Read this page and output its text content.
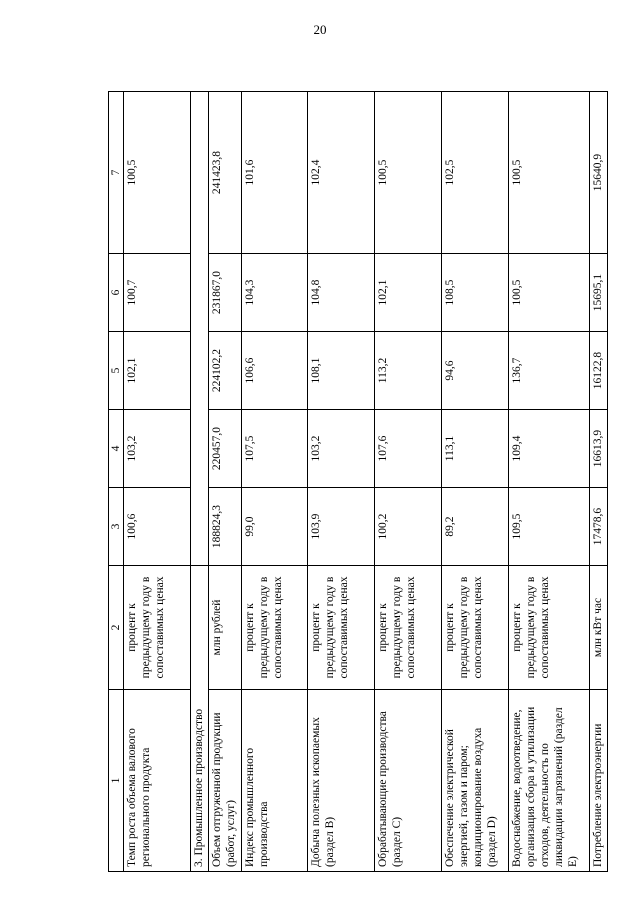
20
1	2	3	4	5	6	7
Темп роста объема валового регионального продукта	процент к предыдущему году в сопоставимых ценах	100,6	103,2	102,1	100,7	100,5
3. Промышленное производство						
Объем отгруженной продукции (работ, услуг)	млн рублей	188824,3	220457,0	224102,2	231867,0	241423,8
Индекс промышленного производства	процент к предыдущему году в сопоставимых ценах	99,0	107,5	106,6	104,3	101,6
Добыча полезных ископаемых (раздел B)	процент к предыдущему году в сопоставимых ценах	103,9	103,2	108,1	104,8	102,4
Обрабатывающие производства (раздел C)	процент к предыдущему году в сопоставимых ценах	100,2	107,6	113,2	102,1	100,5
Обеспечение электрической энергией, газом и паром; кондиционирование воздуха (раздел D)	процент к предыдущему году в сопоставимых ценах	89,2	113,1	94,6	108,5	102,5
Водоснабжение, водоотведение, организация сбора и утилизации отходов, деятельность по ликвидации загрязнений (раздел E)	процент к предыдущему году в сопоставимых ценах	109,5	109,4	136,7	100,5	100,5
Потребление электроэнергии	млн кВт час	17478,6	16613,9	16122,8	15695,1	15640,9
